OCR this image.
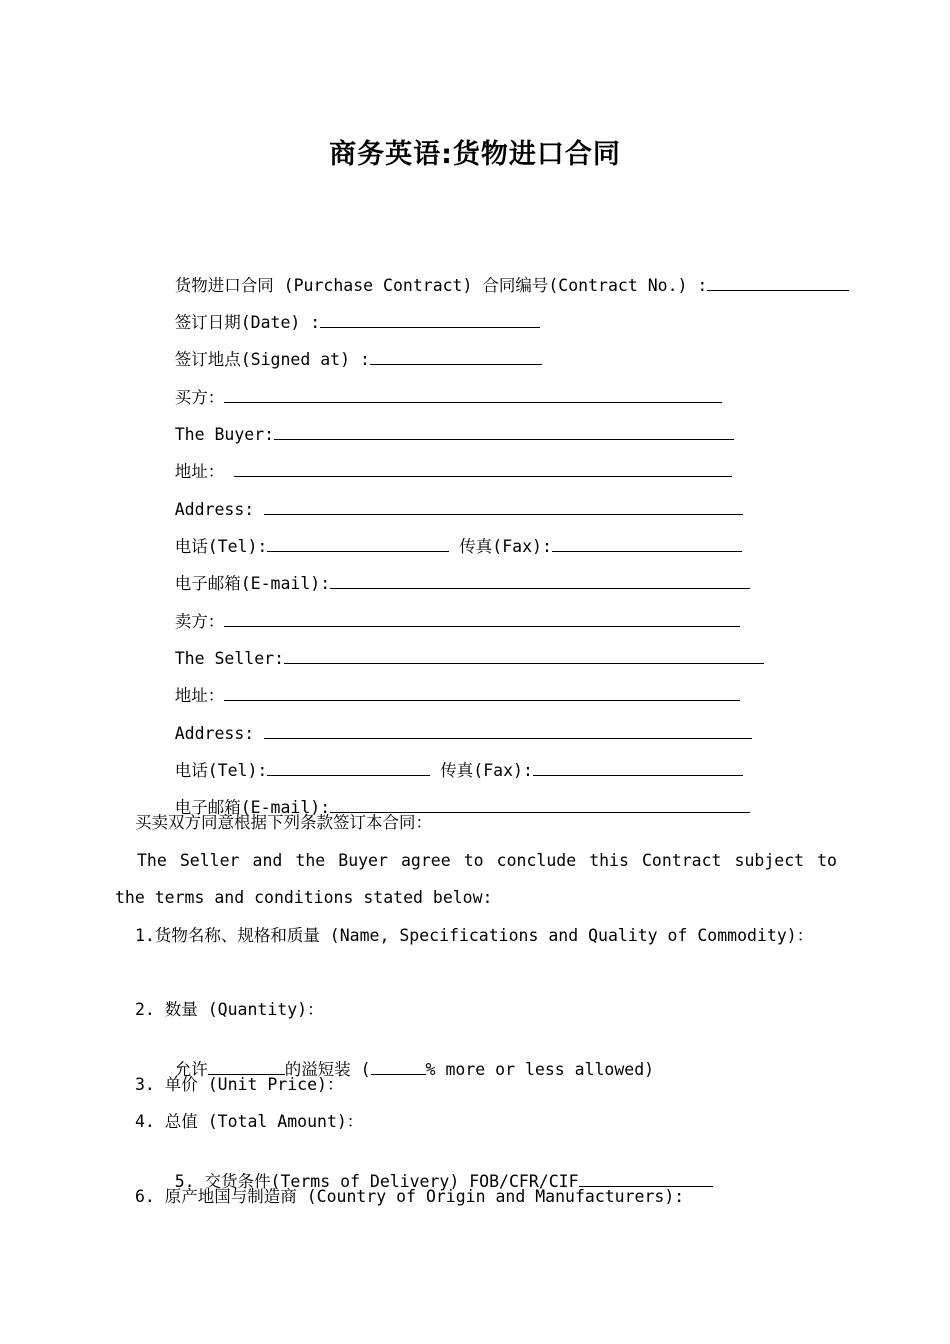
商务英语:货物进口合同

货物进口合同 (Purchase Contract) 合同编号(Contract No.) :

签订日期(Date) :

签订地点(Signed at) :

买方：

The Buyer:

地址：

Address:

电话(Tel):	传真(Fax):

电子邮箱(E-mail):

卖方：

The Seller:

地址：

Address:

电话(Tel):	传真(Fax):

电子邮箱(E-mail):

买卖双方同意根据下列条款签订本合同：
The Seller and the Buyer agree to conclude this Contract subject to the terms and conditions stated below:
1.货物名称、规格和质量 (Name, Specifications and Quality of Commodity)：
2. 数量 (Quantity)：

允许	的溢短装 (	% more or less allowed)

3. 单价 (Unit Price)：
4. 总值 (Total Amount)：

5. 交货条件(Terms of Delivery) FOB/CFR/CIF

6. 原产地国与制造商 (Country of Origin and Manufacturers):
